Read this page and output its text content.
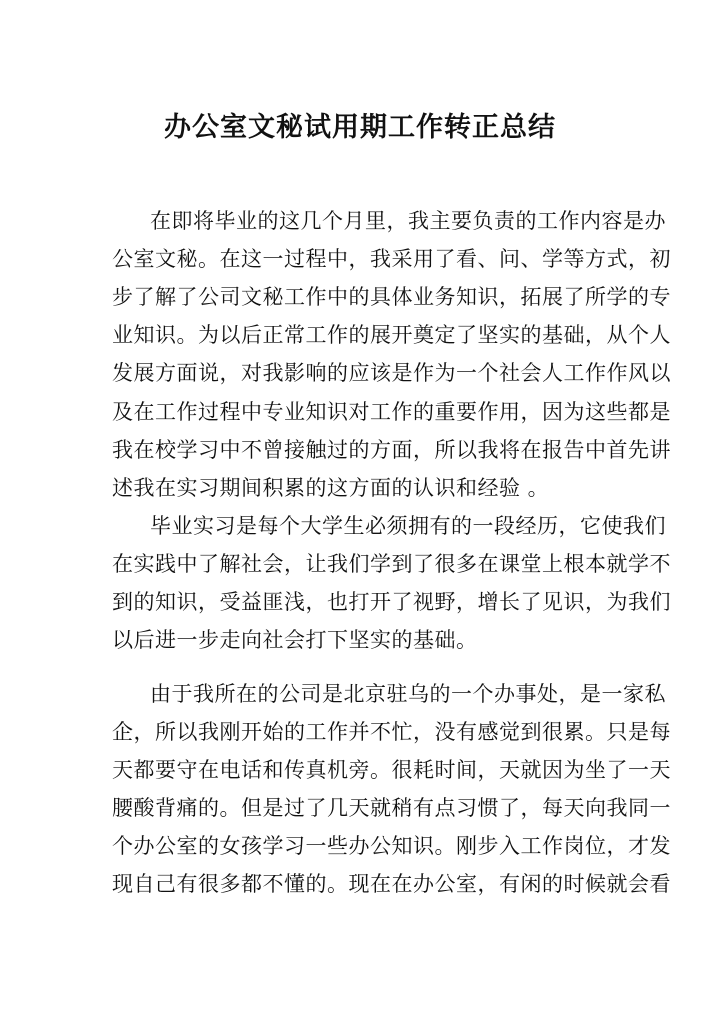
办公室文秘试用期工作转正总结
在即将毕业的这几个月里，我主要负责的工作内容是办
公室文秘。在这一过程中，我采用了看、问、学等方式，初
步了解了公司文秘工作中的具体业务知识，拓展了所学的专
业知识。为以后正常工作的展开奠定了坚实的基础，从个人
发展方面说，对我影响的应该是作为一个社会人工作作风以
及在工作过程中专业知识对工作的重要作用，因为这些都是
我在校学习中不曾接触过的方面，所以我将在报告中首先讲
述我在实习期间积累的这方面的认识和经验 。
毕业实习是每个大学生必须拥有的一段经历，它使我们
在实践中了解社会，让我们学到了很多在课堂上根本就学不
到的知识，受益匪浅，也打开了视野，增长了见识，为我们
以后进一步走向社会打下坚实的基础。
由于我所在的公司是北京驻乌的一个办事处，是一家私
企，所以我刚开始的工作并不忙，没有感觉到很累。只是每
天都要守在电话和传真机旁。很耗时间，天就因为坐了一天
腰酸背痛的。但是过了几天就稍有点习惯了，每天向我同一
个办公室的女孩学习一些办公知识。刚步入工作岗位，才发
现自己有很多都不懂的。现在在办公室，有闲的时候就会看
